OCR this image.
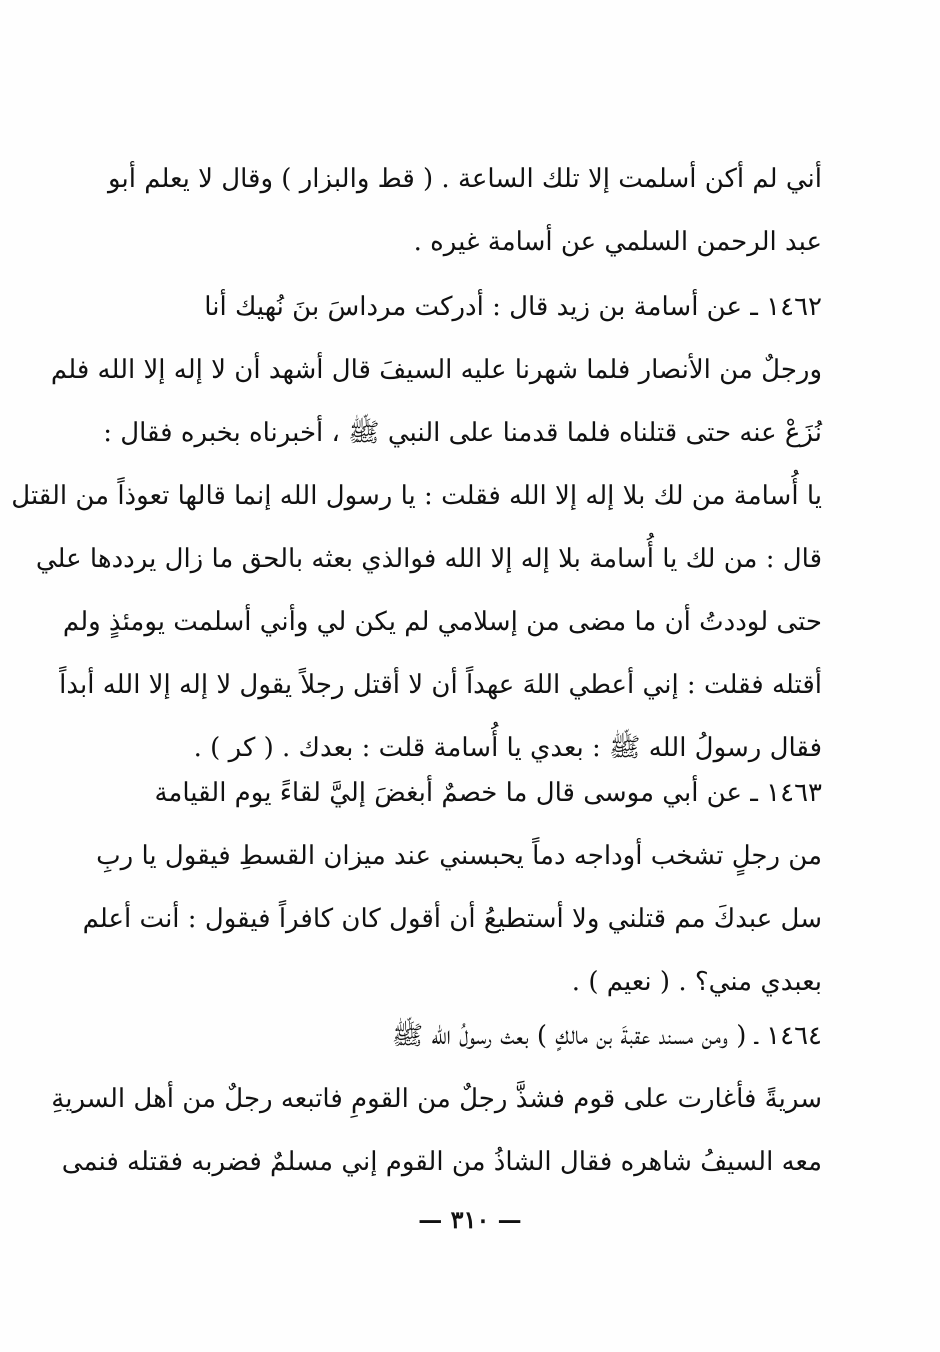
أني لم أكن أسلمت إلا تلك الساعة . ( قط والبزار ) وقال لا يعلم أبو
عبد الرحمن السلمي عن أسامة غيره .
١٤٦٢ ـ عن أسامة بن زيد قال : أدركت مرداسَ بنَ نُهيك أنا
ورجلٌ من الأنصار فلما شهرنا عليه السيفَ قال أشهد أن لا إله إلا الله فلم
نُزَعْ عنه حتى قتلناه فلما قدمنا على النبي ﷺ ، أخبرناه بخبره فقال :
يا أُسامة من لك بلا إله إلا الله فقلت : يا رسول الله إنما قالها تعوذاً من القتل
قال : من لك يا أُسامة بلا إله إلا الله فوالذي بعثه بالحق ما زال يرددها علي
حتى لوددتُ أن ما مضى من إسلامي لم يكن لي وأني أسلمت يومئذٍ ولم
أقتله فقلت : إني أعطي اللهَ عهداً أن لا أقتل رجلاً يقول لا إله إلا الله أبداً
فقال رسولُ الله ﷺ : بعدي يا أُسامة قلت : بعدك . ( كر ) .
١٤٦٣ ـ عن أبي موسى قال ما خصمٌ أبغضَ إليَّ لقاءً يوم القيامة
من رجلٍ تشخب أوداجه دماً يحبسني عند ميزان القسطِ فيقول يا ربِ
سل عبدكَ مم قتلني ولا أستطيعُ أن أقول كان كافراً فيقول : أنت أعلم
بعبدي مني؟ . ( نعيم ) .
١٤٦٤ ـ ( ومن مسند عقبةَ بن مالكٍ ) بعث رسولُ الله ﷺ
سريةً فأغارت على قوم فشذَّ رجلٌ من القومِ فاتبعه رجلٌ من أهل السريةِ
معه السيفُ شاهره فقال الشاذُ من القوم إني مسلمٌ فضربه فقتله فنمى
— ٣١٠ —
